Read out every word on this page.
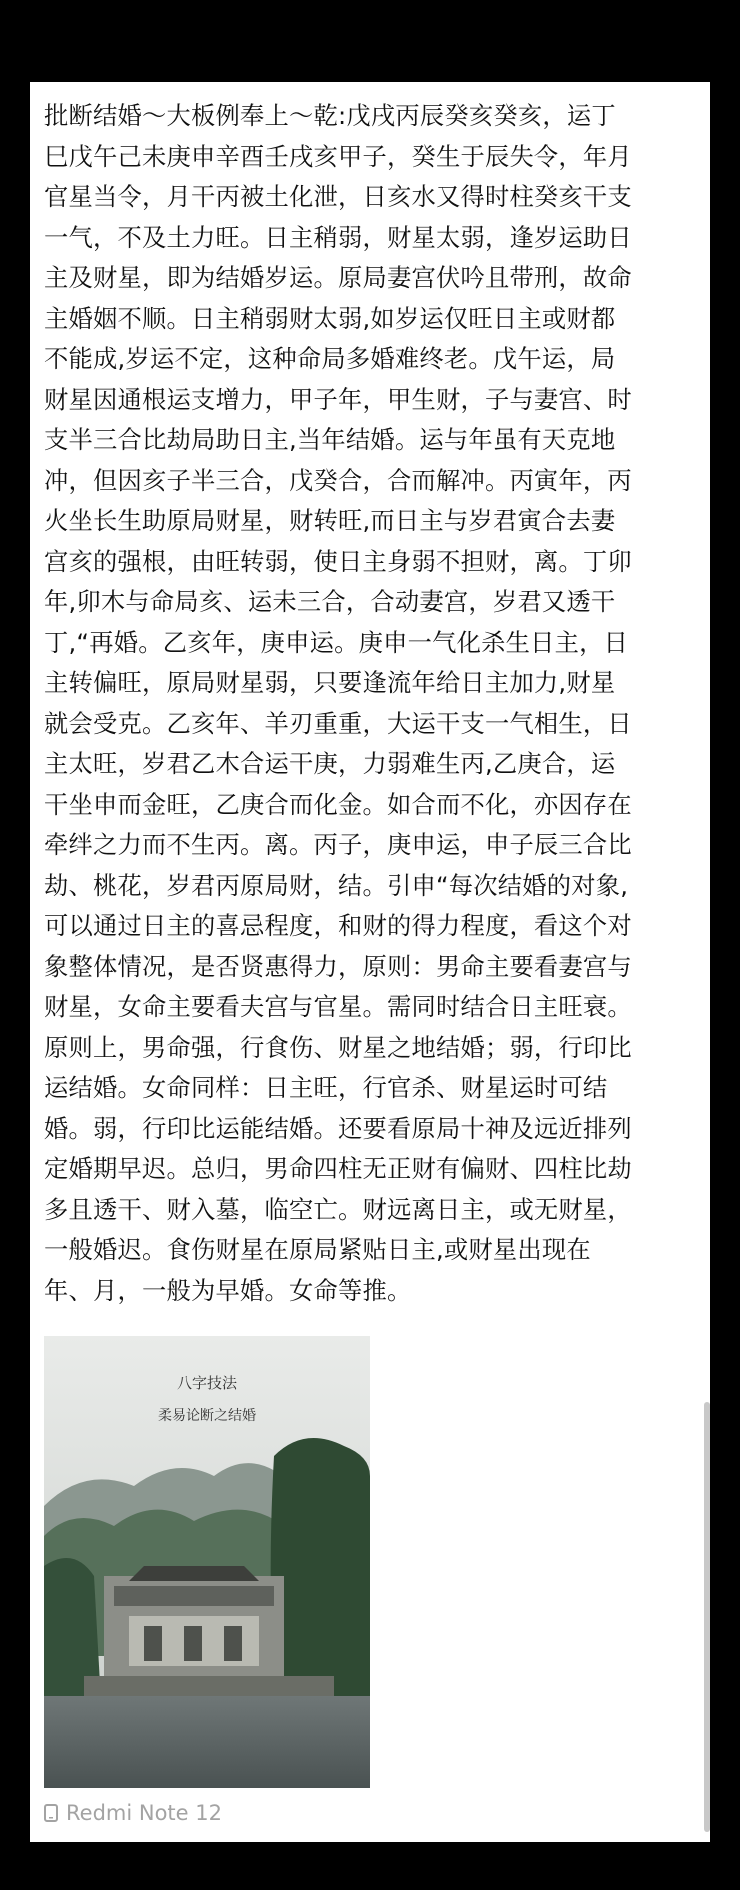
批断结婚～大板例奉上～乾:戊戌丙辰癸亥癸亥，运丁
巳戊午己未庚申辛酉壬戌亥甲子，癸生于辰失令，年月
官星当令，月干丙被土化泄，日亥水又得时柱癸亥干支
一气，不及土力旺。日主稍弱，财星太弱，逢岁运助日
主及财星，即为结婚岁运。原局妻宫伏吟且带刑，故命
主婚姻不顺。日主稍弱财太弱,如岁运仅旺日主或财都
不能成,岁运不定，这种命局多婚难终老。戊午运，局
财星因通根运支增力，甲子年，甲生财，子与妻宫、时
支半三合比劫局助日主,当年结婚。运与年虽有天克地
冲，但因亥子半三合，戊癸合，合而解冲。丙寅年，丙
火坐长生助原局财星，财转旺,而日主与岁君寅合去妻
宫亥的强根，由旺转弱，使日主身弱不担财，离。丁卯
年,卯木与命局亥、运未三合，合动妻宫，岁君又透干
丁,“再婚。乙亥年，庚申运。庚申一气化杀生日主，日
主转偏旺，原局财星弱，只要逢流年给日主加力,财星
就会受克。乙亥年、羊刃重重，大运干支一气相生，日
主太旺，岁君乙木合运干庚，力弱难生丙,乙庚合，运
干坐申而金旺，乙庚合而化金。如合而不化，亦因存在
牵绊之力而不生丙。离。丙子，庚申运，申子辰三合比
劫、桃花，岁君丙原局财，结。引申“每次结婚的对象,
可以通过日主的喜忌程度，和财的得力程度，看这个对
象整体情况，是否贤惠得力，原则：男命主要看妻宫与
财星，女命主要看夫宫与官星。需同时结合日主旺衰。
原则上，男命强，行食伤、财星之地结婚；弱，行印比
运结婚。女命同样：日主旺，行官杀、财星运时可结
婚。弱，行印比运能结婚。还要看原局十神及远近排列
定婚期早迟。总归，男命四柱无正财有偏财、四柱比劫
多且透干、财入墓，临空亡。财远离日主，或无财星，
一般婚迟。食伤财星在原局紧贴日主,或财星出现在
年、月，一般为早婚。女命等推。
八字技法
柔易论断之结婚
Redmi Note 12
